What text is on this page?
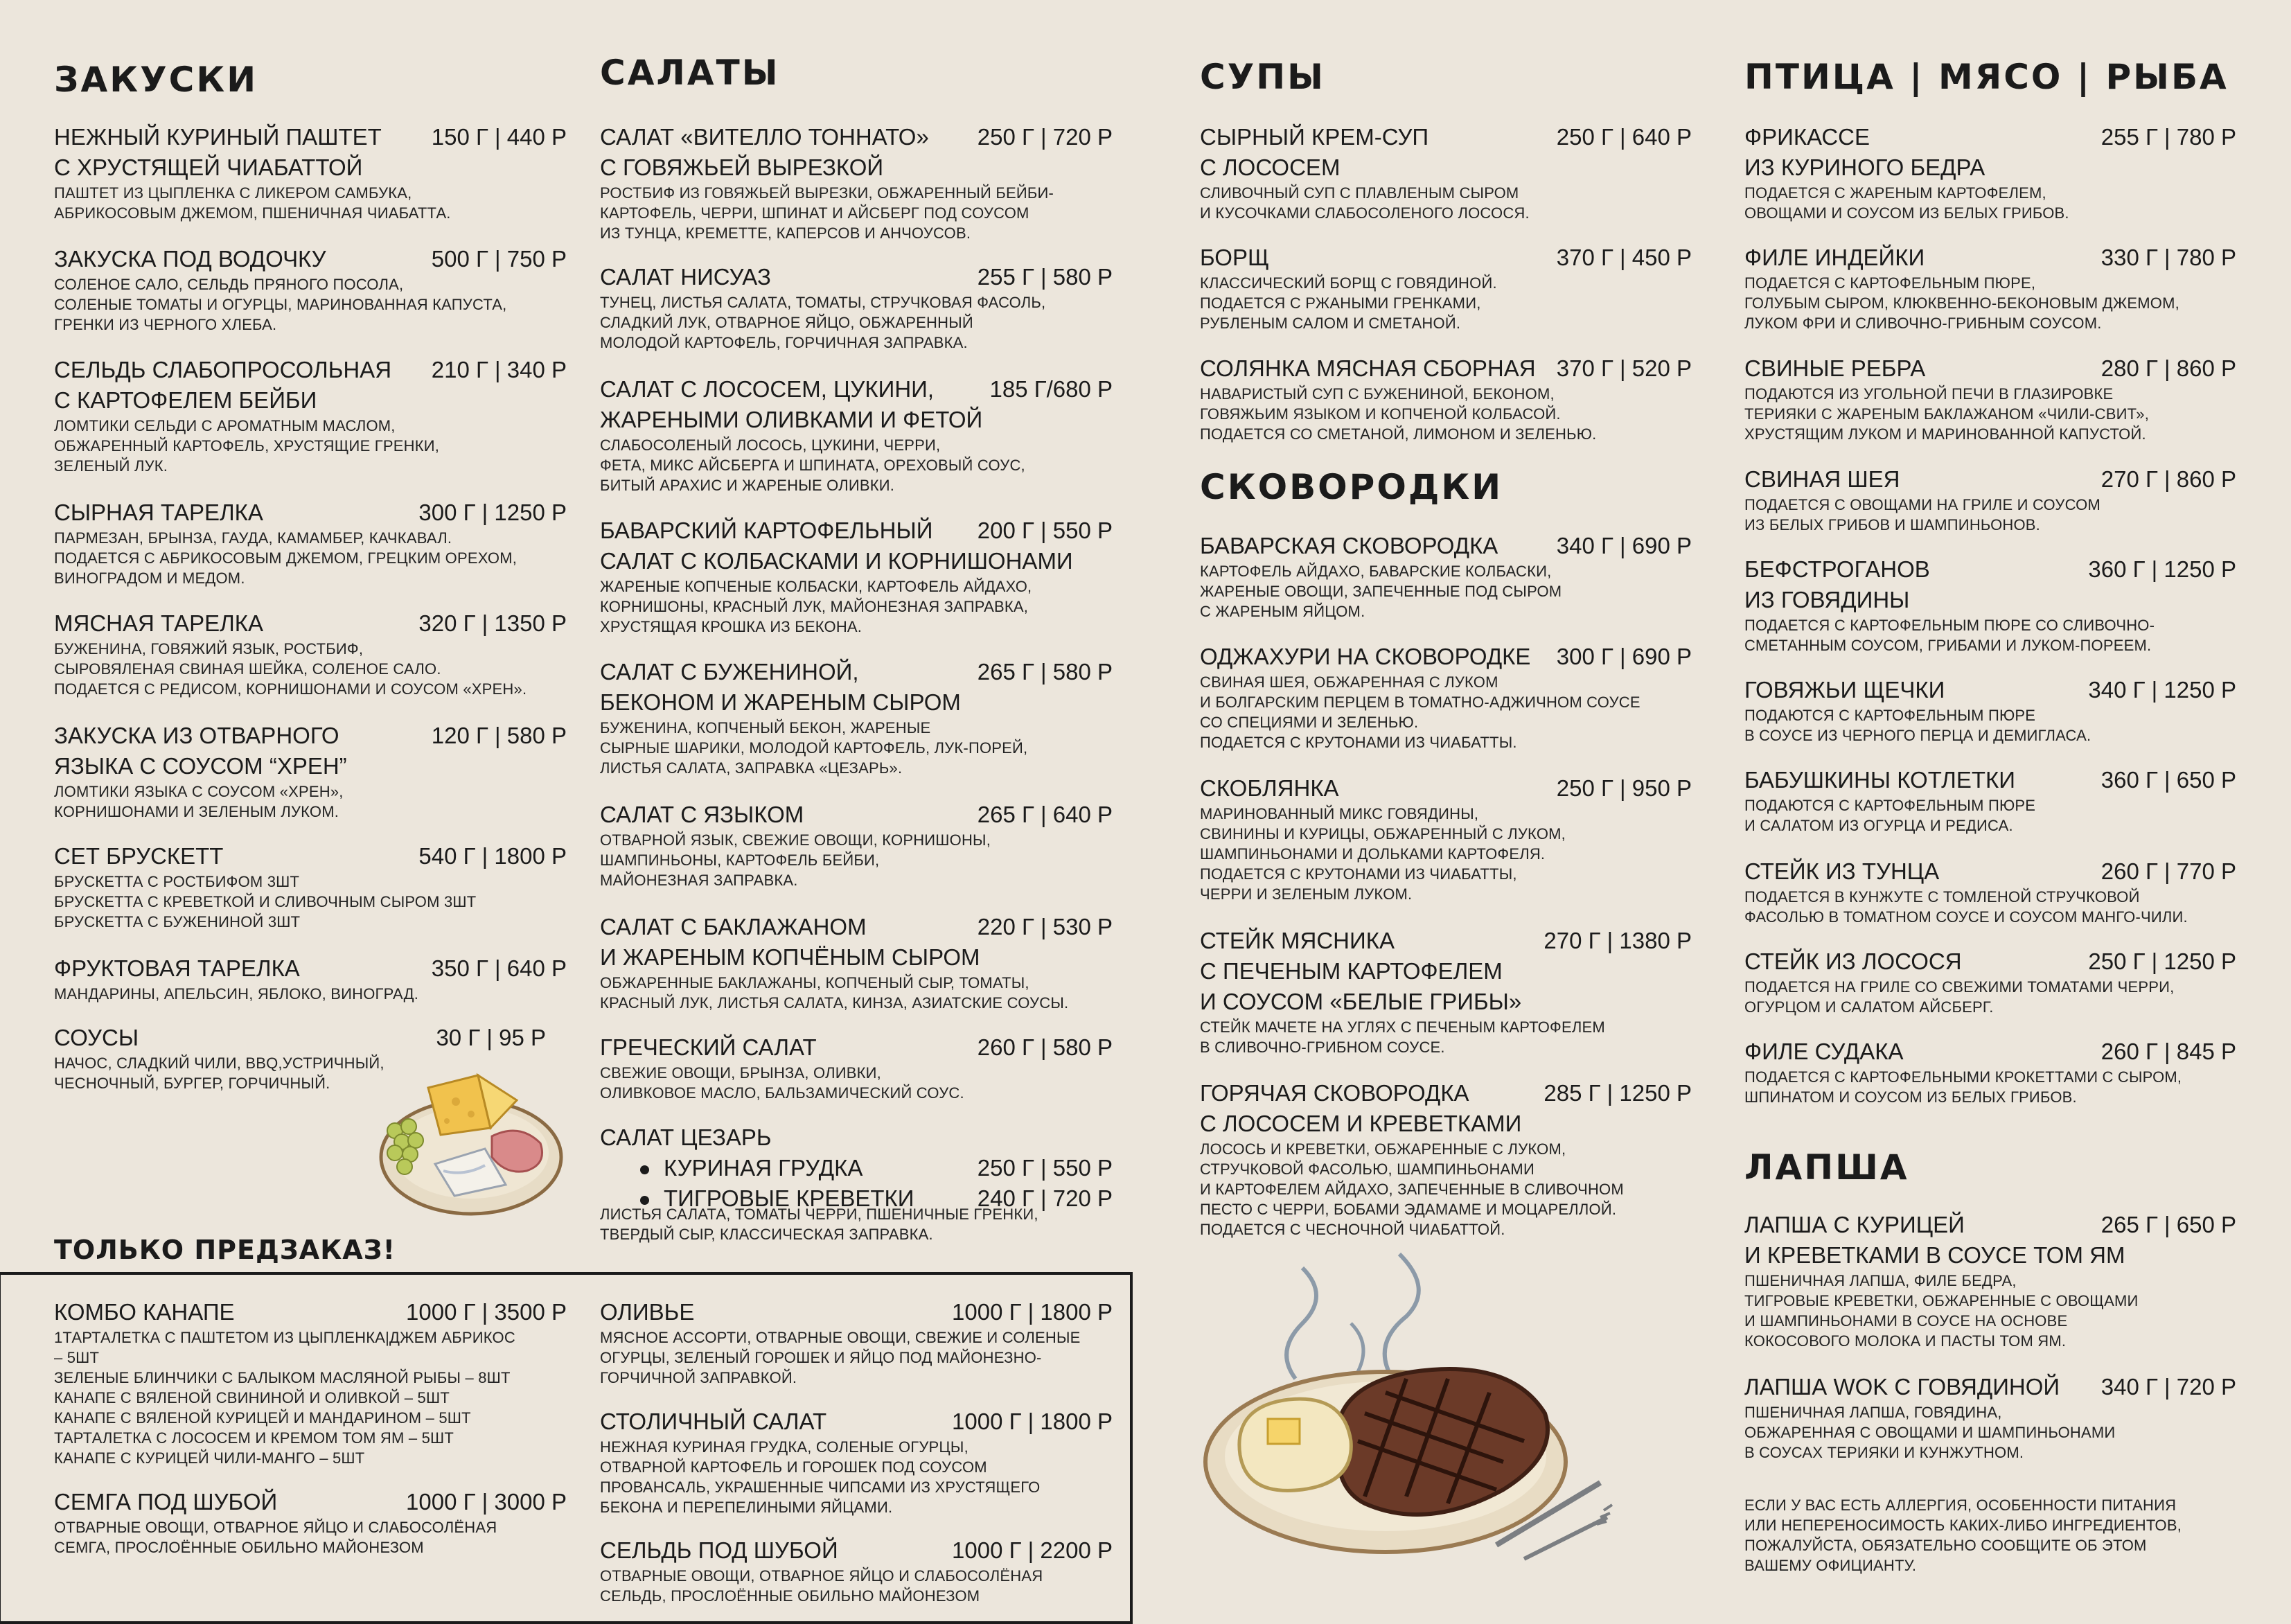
ЗАКУСКИ
НЕЖНЫЙ КУРИНЫЙ ПАШТЕТ	150 Г | 440 Р
С ХРУСТЯЩЕЙ ЧИАБАТТОЙ
ПАШТЕТ ИЗ ЦЫПЛЕНКА С ЛИКЕРОМ САМБУКА,
АБРИКОСОВЫМ ДЖЕМОМ, ПШЕНИЧНАЯ ЧИАБАТТА.
ЗАКУСКА ПОД ВОДОЧКУ	500 Г | 750 Р
СОЛЕНОЕ САЛО, СЕЛЬДЬ ПРЯНОГО ПОСОЛА,
СОЛЕНЫЕ ТОМАТЫ И ОГУРЦЫ, МАРИНОВАННАЯ КАПУСТА,
ГРЕНКИ ИЗ ЧЕРНОГО ХЛЕБА.
СЕЛЬДЬ СЛАБОПРОСОЛЬНАЯ	210 Г | 340 Р
С КАРТОФЕЛЕМ БЕЙБИ
ЛОМТИКИ СЕЛЬДИ С АРОМАТНЫМ МАСЛОМ,
ОБЖАРЕННЫЙ КАРТОФЕЛЬ, ХРУСТЯЩИЕ ГРЕНКИ,
ЗЕЛЕНЫЙ ЛУК.
СЫРНАЯ ТАРЕЛКА	300 Г | 1250 Р
ПАРМЕЗАН, БРЫНЗА, ГАУДА, КАМАМБЕР, КАЧКАВАЛ.
ПОДАЕТСЯ С АБРИКОСОВЫМ ДЖЕМОМ, ГРЕЦКИМ ОРЕХОМ,
ВИНОГРАДОМ И МЕДОМ.
МЯСНАЯ ТАРЕЛКА	320 Г | 1350 Р
БУЖЕНИНА, ГОВЯЖИЙ ЯЗЫК, РОСТБИФ,
СЫРОВЯЛЕНАЯ СВИНАЯ ШЕЙКА, СОЛЕНОЕ САЛО.
ПОДАЕТСЯ С РЕДИСОМ, КОРНИШОНАМИ И СОУСОМ «ХРЕН».
ЗАКУСКА ИЗ ОТВАРНОГО	120 Г | 580 Р
ЯЗЫКА С СОУСОМ “ХРЕН”
ЛОМТИКИ ЯЗЫКА С СОУСОМ «ХРЕН»,
КОРНИШОНАМИ И ЗЕЛЕНЫМ ЛУКОМ.
СЕТ БРУСКЕТТ	540 Г | 1800 Р
БРУСКЕТТА С РОСТБИФОМ 3ШТ
БРУСКЕТТА С КРЕВЕТКОЙ И СЛИВОЧНЫМ СЫРОМ 3ШТ
БРУСКЕТТА С БУЖЕНИНОЙ 3ШТ
ФРУКТОВАЯ ТАРЕЛКА	350 Г | 640 Р
МАНДАРИНЫ, АПЕЛЬСИН, ЯБЛОКО, ВИНОГРАД.
СОУСЫ	30 Г | 95 Р
НАЧОС, СЛАДКИЙ ЧИЛИ, BBQ,УСТРИЧНЫЙ,
ЧЕСНОЧНЫЙ, БУРГЕР, ГОРЧИЧНЫЙ.
САЛАТЫ
САЛАТ «ВИТЕЛЛО ТОННАТО»	250 Г | 720 Р
С ГОВЯЖЬЕЙ ВЫРЕЗКОЙ
РОСТБИФ ИЗ ГОВЯЖЬЕЙ ВЫРЕЗКИ, ОБЖАРЕННЫЙ БЕЙБИ-
КАРТОФЕЛЬ, ЧЕРРИ, ШПИНАТ И АЙСБЕРГ ПОД СОУСОМ
ИЗ ТУНЦА, КРЕМЕТТЕ, КАПЕРСОВ И АНЧОУСОВ.
САЛАТ НИСУАЗ	255 Г | 580 Р
ТУНЕЦ, ЛИСТЬЯ САЛАТА, ТОМАТЫ, СТРУЧКОВАЯ ФАСОЛЬ,
СЛАДКИЙ ЛУК, ОТВАРНОЕ ЯЙЦО, ОБЖАРЕННЫЙ
МОЛОДОЙ КАРТОФЕЛЬ, ГОРЧИЧНАЯ ЗАПРАВКА.
САЛАТ С ЛОСОСЕМ, ЦУКИНИ,	185 Г/680 Р
ЖАРЕНЫМИ ОЛИВКАМИ И ФЕТОЙ
СЛАБОСОЛЕНЫЙ ЛОСОСЬ, ЦУКИНИ, ЧЕРРИ,
ФЕТА, МИКС АЙСБЕРГА И ШПИНАТА, ОРЕХОВЫЙ СОУС,
БИТЫЙ АРАХИС И ЖАРЕНЫЕ ОЛИВКИ.
БАВАРСКИЙ КАРТОФЕЛЬНЫЙ	200 Г | 550 Р
САЛАТ С КОЛБАСКАМИ И КОРНИШОНАМИ
ЖАРЕНЫЕ КОПЧЕНЫЕ КОЛБАСКИ, КАРТОФЕЛЬ АЙДАХО,
КОРНИШОНЫ, КРАСНЫЙ ЛУК, МАЙОНЕЗНАЯ ЗАПРАВКА,
ХРУСТЯЩАЯ КРОШКА ИЗ БЕКОНА.
САЛАТ С БУЖЕНИНОЙ,	265 Г | 580 Р
БЕКОНОМ И ЖАРЕНЫМ СЫРОМ
БУЖЕНИНА, КОПЧЕНЫЙ БЕКОН, ЖАРЕНЫЕ
СЫРНЫЕ ШАРИКИ, МОЛОДОЙ КАРТОФЕЛЬ, ЛУК-ПОРЕЙ,
ЛИСТЬЯ САЛАТА, ЗАПРАВКА «ЦЕЗАРЬ».
САЛАТ С ЯЗЫКОМ	265 Г | 640 Р
ОТВАРНОЙ ЯЗЫК, СВЕЖИЕ ОВОЩИ, КОРНИШОНЫ,
ШАМПИНЬОНЫ, КАРТОФЕЛЬ БЕЙБИ,
МАЙОНЕЗНАЯ ЗАПРАВКА.
САЛАТ С БАКЛАЖАНОМ	220 Г | 530 Р
И ЖАРЕНЫМ КОПЧЁНЫМ СЫРОМ
ОБЖАРЕННЫЕ БАКЛАЖАНЫ, КОПЧЕНЫЙ СЫР, ТОМАТЫ,
КРАСНЫЙ ЛУК, ЛИСТЬЯ САЛАТА, КИНЗА, АЗИАТСКИЕ СОУСЫ.
ГРЕЧЕСКИЙ САЛАТ	260 Г | 580 Р
СВЕЖИЕ ОВОЩИ, БРЫНЗА, ОЛИВКИ,
ОЛИВКОВОЕ МАСЛО, БАЛЬЗАМИЧЕСКИЙ СОУС.
САЛАТ ЦЕЗАРЬ
КУРИНАЯ ГРУДКА	250 Г | 550 Р
ТИГРОВЫЕ КРЕВЕТКИ	240 Г | 720 Р
ЛИСТЬЯ САЛАТА, ТОМАТЫ ЧЕРРИ, ПШЕНИЧНЫЕ ГРЕНКИ,
ТВЕРДЫЙ СЫР, КЛАССИЧЕСКАЯ ЗАПРАВКА.
СУПЫ
СЫРНЫЙ КРЕМ-СУП	250 Г | 640 Р
С ЛОСОСЕМ
СЛИВОЧНЫЙ СУП С ПЛАВЛЕНЫМ СЫРОМ
И КУСОЧКАМИ СЛАБОСОЛЕНОГО ЛОСОСЯ.
БОРЩ	370 Г | 450 Р
КЛАССИЧЕСКИЙ БОРЩ С ГОВЯДИНОЙ.
ПОДАЕТСЯ С РЖАНЫМИ ГРЕНКАМИ,
РУБЛЕНЫМ САЛОМ И СМЕТАНОЙ.
СОЛЯНКА МЯСНАЯ СБОРНАЯ 370 Г | 520 Р
НАВАРИСТЫЙ СУП С БУЖЕНИНОЙ, БЕКОНОМ,
ГОВЯЖЬИМ ЯЗЫКОМ И КОПЧЕНОЙ КОЛБАСОЙ.
ПОДАЕТСЯ СО СМЕТАНОЙ, ЛИМОНОМ И ЗЕЛЕНЬЮ.
СКОВОРОДКИ
БАВАРСКАЯ СКОВОРОДКА	340 Г | 690 Р
КАРТОФЕЛЬ АЙДАХО, БАВАРСКИЕ КОЛБАСКИ,
ЖАРЕНЫЕ ОВОЩИ, ЗАПЕЧЕННЫЕ ПОД СЫРОМ
С ЖАРЕНЫМ ЯЙЦОМ.
ОДЖАХУРИ НА СКОВОРОДКЕ	300 Г | 690 Р
СВИНАЯ ШЕЯ, ОБЖАРЕННАЯ С ЛУКОМ
И БОЛГАРСКИМ ПЕРЦЕМ В ТОМАТНО-АДЖИЧНОМ СОУСЕ
СО СПЕЦИЯМИ И ЗЕЛЕНЬЮ.
ПОДАЕТСЯ С КРУТОНАМИ ИЗ ЧИАБАТТЫ.
СКОБЛЯНКА	250 Г | 950 Р
МАРИНОВАННЫЙ МИКС ГОВЯДИНЫ,
СВИНИНЫ И КУРИЦЫ, ОБЖАРЕННЫЙ С ЛУКОМ,
ШАМПИНЬОНАМИ И ДОЛЬКАМИ КАРТОФЕЛЯ.
ПОДАЕТСЯ С КРУТОНАМИ ИЗ ЧИАБАТТЫ,
ЧЕРРИ И ЗЕЛЕНЫМ ЛУКОМ.
СТЕЙК МЯСНИКА	270 Г | 1380 Р
С ПЕЧЕНЫМ КАРТОФЕЛЕМ
И СОУСОМ «БЕЛЫЕ ГРИБЫ»
СТЕЙК МАЧЕТЕ НА УГЛЯХ С ПЕЧЕНЫМ КАРТОФЕЛЕМ
В СЛИВОЧНО-ГРИБНОМ СОУСЕ.
ГОРЯЧАЯ СКОВОРОДКА	285 Г | 1250 Р
С ЛОСОСЕМ И КРЕВЕТКАМИ
ЛОСОСЬ И КРЕВЕТКИ, ОБЖАРЕННЫЕ С ЛУКОМ,
СТРУЧКОВОЙ ФАСОЛЬЮ, ШАМПИНЬОНАМИ
И КАРТОФЕЛЕМ АЙДАХО, ЗАПЕЧЕННЫЕ В СЛИВОЧНОМ
ПЕСТО С ЧЕРРИ, БОБАМИ ЭДАМАМЕ И МОЦАРЕЛЛОЙ.
ПОДАЕТСЯ С ЧЕСНОЧНОЙ ЧИАБАТТОЙ.
ПТИЦА | МЯСО | РЫБА
ФРИКАССЕ	255 Г | 780 Р
ИЗ КУРИНОГО БЕДРА
ПОДАЕТСЯ С ЖАРЕНЫМ КАРТОФЕЛЕМ,
ОВОЩАМИ И СОУСОМ ИЗ БЕЛЫХ ГРИБОВ.
ФИЛЕ ИНДЕЙКИ	330 Г | 780 Р
ПОДАЕТСЯ С КАРТОФЕЛЬНЫМ ПЮРЕ,
ГОЛУБЫМ СЫРОМ, КЛЮКВЕННО-БЕКОНОВЫМ ДЖЕМОМ,
ЛУКОМ ФРИ И СЛИВОЧНО-ГРИБНЫМ СОУСОМ.
СВИНЫЕ РЕБРА	280 Г | 860 Р
ПОДАЮТСЯ ИЗ УГОЛЬНОЙ ПЕЧИ В ГЛАЗИРОВКЕ
ТЕРИЯКИ С ЖАРЕНЫМ БАКЛАЖАНОМ «ЧИЛИ-СВИТ»,
ХРУСТЯЩИМ ЛУКОМ И МАРИНОВАННОЙ КАПУСТОЙ.
СВИНАЯ ШЕЯ	270 Г | 860 Р
ПОДАЕТСЯ С ОВОЩАМИ НА ГРИЛЕ И СОУСОМ
ИЗ БЕЛЫХ ГРИБОВ И ШАМПИНЬОНОВ.
БЕФСТРОГАНОВ	360 Г | 1250 Р
ИЗ ГОВЯДИНЫ
ПОДАЕТСЯ С КАРТОФЕЛЬНЫМ ПЮРЕ СО СЛИВОЧНО-
СМЕТАННЫМ СОУСОМ, ГРИБАМИ И ЛУКОМ-ПОРЕЕМ.
ГОВЯЖЬИ ЩЕЧКИ	340 Г | 1250 Р
ПОДАЮТСЯ С КАРТОФЕЛЬНЫМ ПЮРЕ
В СОУСЕ ИЗ ЧЕРНОГО ПЕРЦА И ДЕМИГЛАСА.
БАБУШКИНЫ КОТЛЕТКИ	360 Г | 650 Р
ПОДАЮТСЯ С КАРТОФЕЛЬНЫМ ПЮРЕ
И САЛАТОМ ИЗ ОГУРЦА И РЕДИСА.
СТЕЙК ИЗ ТУНЦА	260 Г | 770 Р
ПОДАЕТСЯ В КУНЖУТЕ С ТОМЛЕНОЙ СТРУЧКОВОЙ
ФАСОЛЬЮ В ТОМАТНОМ СОУСЕ И СОУСОМ МАНГО-ЧИЛИ.
СТЕЙК ИЗ ЛОСОСЯ	250 Г | 1250 Р
ПОДАЕТСЯ НА ГРИЛЕ СО СВЕЖИМИ ТОМАТАМИ ЧЕРРИ,
ОГУРЦОМ И САЛАТОМ АЙСБЕРГ.
ФИЛЕ СУДАКА	260 Г | 845 Р
ПОДАЕТСЯ С КАРТОФЕЛЬНЫМИ КРОКЕТТАМИ С СЫРОМ,
ШПИНАТОМ И СОУСОМ ИЗ БЕЛЫХ ГРИБОВ.
ЛАПША
ЛАПША С КУРИЦЕЙ	265 Г | 650 Р
И КРЕВЕТКАМИ В СОУСЕ ТОМ ЯМ
ПШЕНИЧНАЯ ЛАПША, ФИЛЕ БЕДРА,
ТИГРОВЫЕ КРЕВЕТКИ, ОБЖАРЕННЫЕ С ОВОЩАМИ
И ШАМПИНЬОНАМИ В СОУСЕ НА ОСНОВЕ
КОКОСОВОГО МОЛОКА И ПАСТЫ ТОМ ЯМ.
ЛАПША WOK С ГОВЯДИНОЙ	340 Г | 720 Р
ПШЕНИЧНАЯ ЛАПША, ГОВЯДИНА,
ОБЖАРЕННАЯ С ОВОЩАМИ И ШАМПИНЬОНАМИ
В СОУСАХ ТЕРИЯКИ И КУНЖУТНОМ.
ЕСЛИ У ВАС ЕСТЬ АЛЛЕРГИЯ, ОСОБЕННОСТИ ПИТАНИЯ
ИЛИ НЕПЕРЕНОСИМОСТЬ КАКИХ-ЛИБО ИНГРЕДИЕНТОВ,
ПОЖАЛУЙСТА, ОБЯЗАТЕЛЬНО СООБЩИТЕ ОБ ЭТОМ
ВАШЕМУ ОФИЦИАНТУ.
ТОЛЬКО ПРЕДЗАКАЗ!
КОМБО КАНАПЕ	1000 Г | 3500 Р
1ТАРТАЛЕТКА С ПАШТЕТОМ ИЗ ЦЫПЛЕНКА|ДЖЕМ АБРИКОС
– 5ШТ
ЗЕЛЕНЫЕ БЛИНЧИКИ С БАЛЫКОМ МАСЛЯНОЙ РЫБЫ – 8ШТ
КАНАПЕ С ВЯЛЕНОЙ СВИНИНОЙ И ОЛИВКОЙ – 5ШТ
КАНАПЕ С ВЯЛЕНОЙ КУРИЦЕЙ И МАНДАРИНОМ – 5ШТ
ТАРТАЛЕТКА С ЛОСОСЕМ И КРЕМОМ ТОМ ЯМ – 5ШТ
КАНАПЕ С КУРИЦЕЙ ЧИЛИ-МАНГО – 5ШТ
СЕМГА ПОД ШУБОЙ	1000 Г | 3000 Р
ОТВАРНЫЕ ОВОЩИ, ОТВАРНОЕ ЯЙЦО И СЛАБОСОЛЁНАЯ
СЕМГА, ПРОСЛОЁННЫЕ ОБИЛЬНО МАЙОНЕЗОМ
ОЛИВЬЕ	1000 Г | 1800 Р
МЯСНОЕ АССОРТИ, ОТВАРНЫЕ ОВОЩИ, СВЕЖИЕ И СОЛЕНЫЕ
ОГУРЦЫ, ЗЕЛЕНЫЙ ГОРОШЕК И ЯЙЦО ПОД МАЙОНЕЗНО-
ГОРЧИЧНОЙ ЗАПРАВКОЙ.
СТОЛИЧНЫЙ САЛАТ	1000 Г | 1800 Р
НЕЖНАЯ КУРИНАЯ ГРУДКА, СОЛЕНЫЕ ОГУРЦЫ,
ОТВАРНОЙ КАРТОФЕЛЬ И ГОРОШЕК ПОД СОУСОМ
ПРОВАНСАЛЬ, УКРАШЕННЫЕ ЧИПСАМИ ИЗ ХРУСТЯЩЕГО
БЕКОНА И ПЕРЕПЕЛИНЫМИ ЯЙЦАМИ.
СЕЛЬДЬ ПОД ШУБОЙ	1000 Г | 2200 Р
ОТВАРНЫЕ ОВОЩИ, ОТВАРНОЕ ЯЙЦО И СЛАБОСОЛЁНАЯ
СЕЛЬДЬ, ПРОСЛОЁННЫЕ ОБИЛЬНО МАЙОНЕЗОМ
